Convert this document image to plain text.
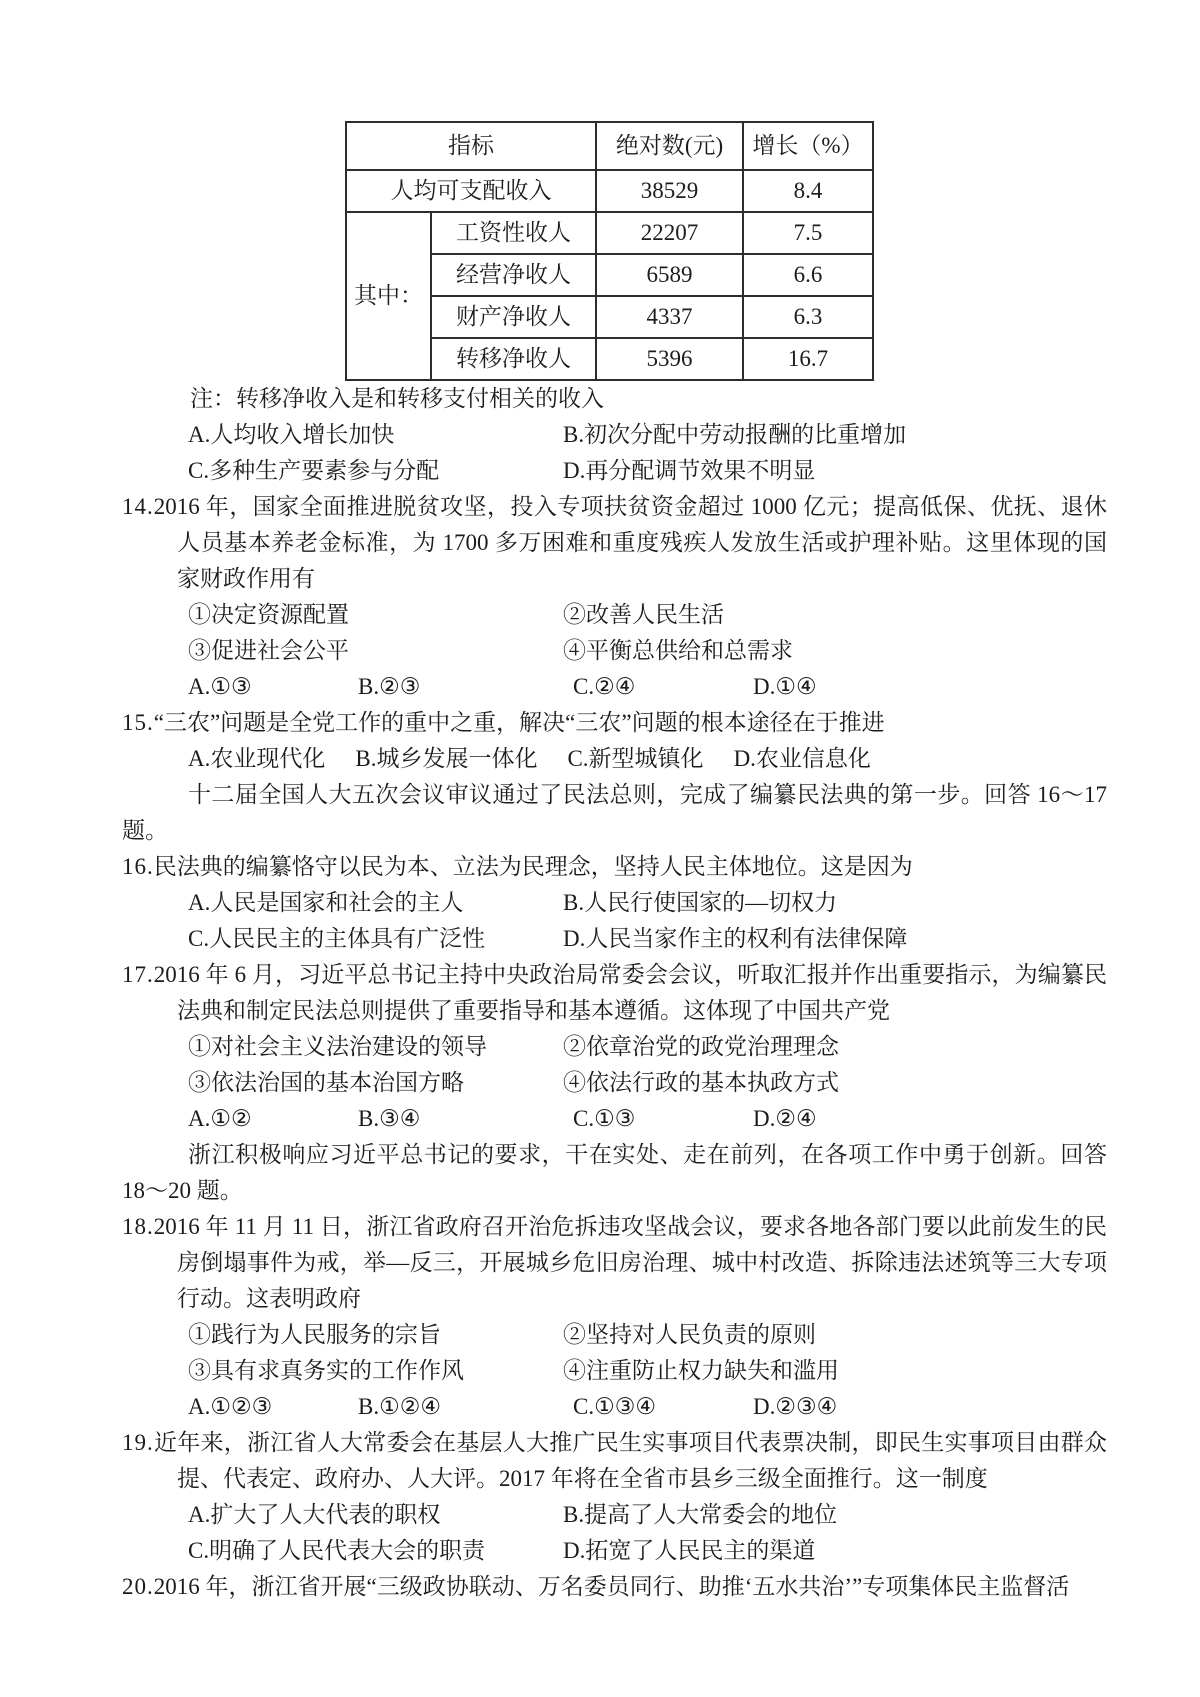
指标		绝对数(元)	增长（%）
人均可支配收入		38529	8.4
其中：	工资性收人	22207	7.5
	经营净收人	6589	6.6
	财产净收人	4337	6.3
	转移净收人	5396	16.7

注：转移净收入是和转移支付相关的收入

A.人均收入增长加快	B.初次分配中劳动报酬的比重增加
C.多种生产要素参与分配	D.再分配调节效果不明显

14.2016 年，国家全面推进脱贫攻坚，投入专项扶贫资金超过 1000 亿元；提高低保、优抚、退休人员基本养老金标准，为 1700 多万困难和重度残疾人发放生活或护理补贴。这里体现的国家财政作用有

①决定资源配置	②改善人民生活
③促进社会公平	④平衡总供给和总需求
A.①③	B.②③	C.②④	D.①④

15.“三农”问题是全党工作的重中之重，解决“三农”问题的根本途径在于推进

A.农业现代化 B.城乡发展一体化 C.新型城镇化 D.农业信息化

十二届全国人大五次会议审议通过了民法总则，完成了编纂民法典的第一步。回答 16～17 题。

16.民法典的编纂恪守以民为本、立法为民理念，坚持人民主体地位。这是因为

A.人民是国家和社会的主人	B.人民行使国家的—切权力
C.人民民主的主体具有广泛性	D.人民当家作主的权利有法律保障

17.2016 年 6 月，习近平总书记主持中央政治局常委会会议，听取汇报并作出重要指示，为编纂民法典和制定民法总则提供了重要指导和基本遵循。这体现了中国共产党

①对社会主义法治建设的领导	②依章治党的政党治理理念
③依法治国的基本治国方略	④依法行政的基本执政方式
A.①②	B.③④	C.①③	D.②④

浙江积极响应习近平总书记的要求，干在实处、走在前列，在各项工作中勇于创新。回答 18～20 题。

18.2016 年 11 月 11 日，浙江省政府召开治危拆违攻坚战会议，要求各地各部门要以此前发生的民房倒塌事件为戒，举—反三，开展城乡危旧房治理、城中村改造、拆除违法述筑等三大专项行动。这表明政府

①践行为人民服务的宗旨	②坚持对人民负责的原则
③具有求真务实的工作作风	④注重防止权力缺失和滥用
A.①②③	B.①②④	C.①③④	D.②③④

19.近年来，浙江省人大常委会在基层人大推广民生实事项目代表票决制，即民生实事项目由群众提、代表定、政府办、人大评。2017 年将在全省市县乡三级全面推行。这一制度

A.扩大了人大代表的职权	B.提高了人大常委会的地位
C.明确了人民代表大会的职责	D.拓宽了人民民主的渠道

20.2016 年，浙江省开展“三级政协联动、万名委员同行、助推‘五水共治’”专项集体民主监督活
